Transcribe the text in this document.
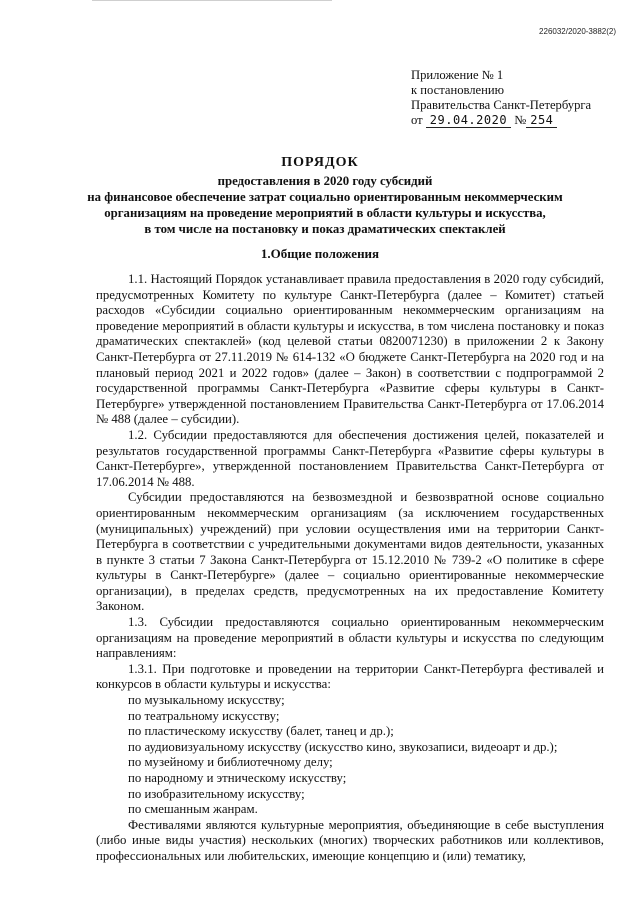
226032/2020-3882(2)
Приложение № 1
к постановлению
Правительства Санкт-Петербурга
от 29.04.2020 № 254
ПОРЯДОК
предоставления в 2020 году субсидий
на финансовое обеспечение затрат социально ориентированным некоммерческим
организациям на проведение мероприятий в области культуры и искусства,
в том числе на постановку и показ драматических спектаклей
1.Общие положения

1.1. Настоящий Порядок устанавливает правила предоставления в 2020 году субсидий, предусмотренных Комитету по культуре Санкт-Петербурга (далее – Комитет) статьей расходов «Субсидии социально ориентированным некоммерческим организациям на проведение мероприятий в области культуры и искусства, в том числена постановку и показ драматических спектаклей» (код целевой статьи 0820071230) в приложении 2 к Закону Санкт-Петербурга от 27.11.2019 № 614-132 «О бюджете Санкт-Петербурга на 2020 год и на плановый период 2021 и 2022 годов» (далее – Закон) в соответствии с подпрограммой 2 государственной программы Санкт-Петербурга «Развитие сферы культуры в Санкт-Петербурге» утвержденной постановлением Правительства Санкт-Петербурга от 17.06.2014 № 488 (далее – субсидии).

1.2. Субсидии предоставляются для обеспечения достижения целей, показателей и результатов государственной программы Санкт-Петербурга «Развитие сферы культуры в Санкт-Петербурге», утвержденной постановлением Правительства Санкт-Петербурга от 17.06.2014 № 488.

Субсидии предоставляются на безвозмездной и безвозвратной основе социально ориентированным некоммерческим организациям (за исключением государственных (муниципальных) учреждений) при условии осуществления ими на территории Санкт-Петербурга в соответствии с учредительными документами видов деятельности, указанных в пункте 3 статьи 7 Закона Санкт-Петербурга от 15.12.2010 № 739-2 «О политике в сфере культуры в Санкт-Петербурге» (далее – социально ориентированные некоммерческие организации), в пределах средств, предусмотренных на их предоставление Комитету Законом.

1.3. Субсидии предоставляются социально ориентированным некоммерческим организациям на проведение мероприятий в области культуры и искусства по следующим направлениям:

1.3.1. При подготовке и проведении на территории Санкт-Петербурга фестивалей и конкурсов в области культуры и искусства:

по музыкальному искусству;

по театральному искусству;

по пластическому искусству (балет, танец и др.);

по аудиовизуальному искусству (искусство кино, звукозаписи, видеоарт и др.);

по музейному и библиотечному делу;

по народному и этническому искусству;

по изобразительному искусству;

по смешанным жанрам.

Фестивалями являются культурные мероприятия, объединяющие в себе выступления (либо иные виды участия) нескольких (многих) творческих работников или коллективов, профессиональных или любительских, имеющие концепцию и (или) тематику,
